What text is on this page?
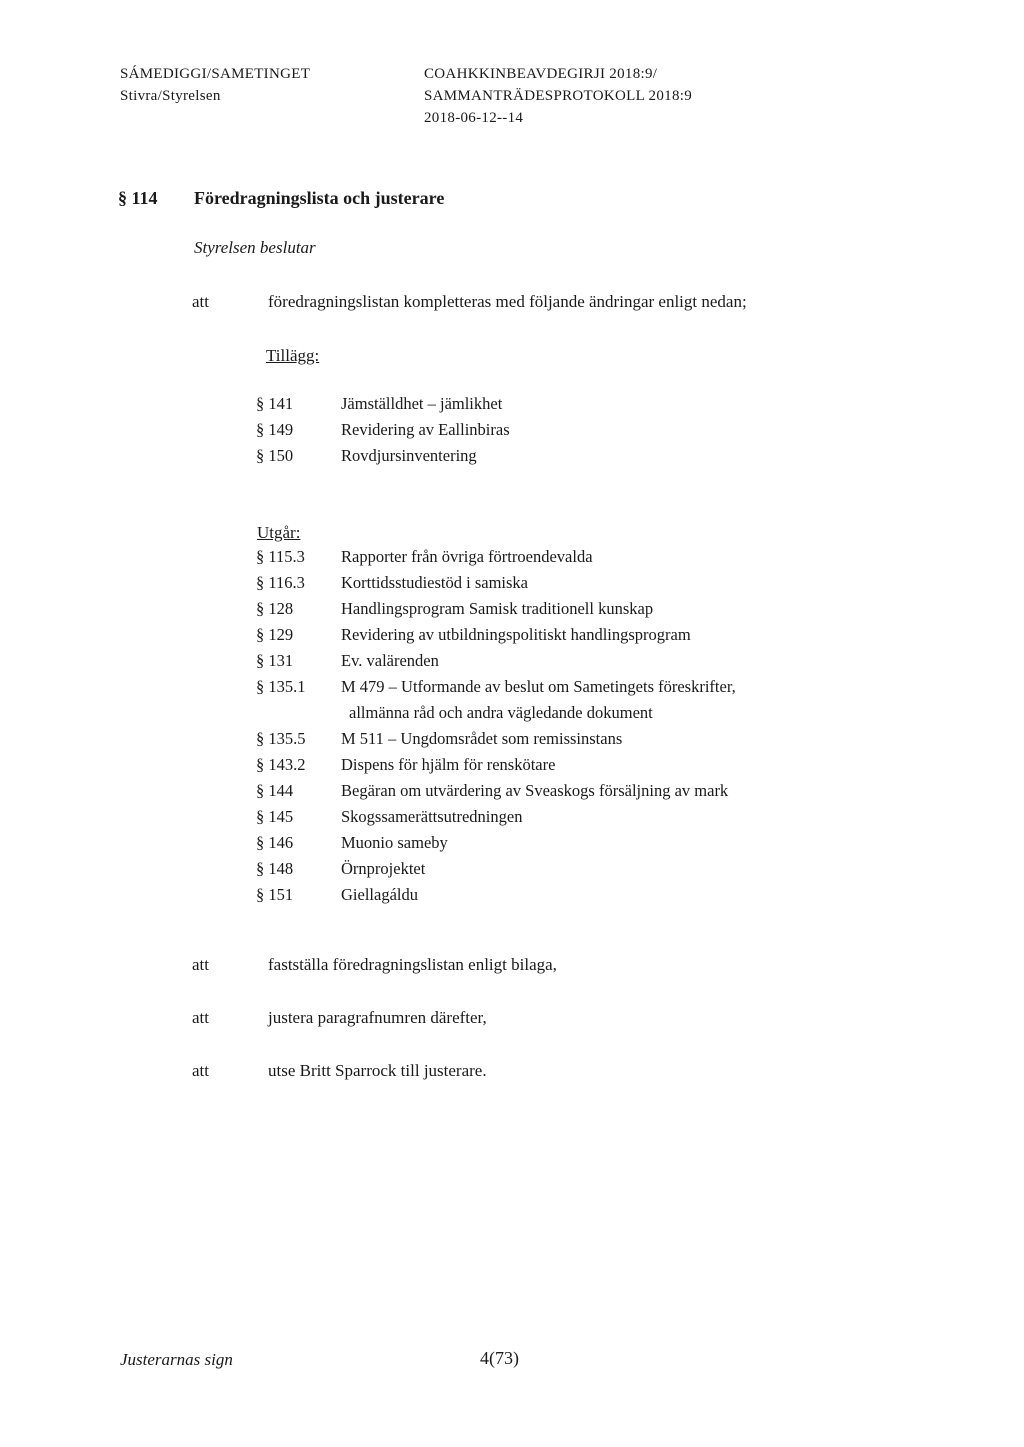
SÁMEDIGGI/SAMETINGET
Stivra/Styrelsen
COAHKKINBEAVDEGIRJI 2018:9/
SAMMANTRÄDESPROTOKOLL 2018:9
2018-06-12--14
§ 114 Föredragningslista och justerare
Styrelsen beslutar
att	föredragningslistan kompletteras med följande ändringar enligt nedan;
Tillägg:
§ 141	Jämställdhet – jämlikhet
§ 149	Revidering av Eallinbiras
§ 150	Rovdjursinventering
Utgår:
§ 115.3 Rapporter från övriga förtroendevalda
§ 116.3 Korttidsstudiestöd i samiska
§ 128	Handlingsprogram Samisk traditionell kunskap
§ 129	Revidering av utbildningspolitiskt handlingsprogram
§ 131	Ev. valärenden
§ 135.1 M 479 – Utformande av beslut om Sametingets föreskrifter,
allmänna råd och andra vägledande dokument
§ 135.5 M 511 – Ungdomsrådet som remissinstans
§ 143.2 Dispens för hjälm för renskötare
§ 144	Begäran om utvärdering av Sveaskogs försäljning av mark
§ 145	Skogssamerättsutredningen
§ 146	Muonio sameby
§ 148	Örnprojektet
§ 151	Giellagáldu
att	fastställa föredragningslistan enligt bilaga,
att	justera paragrafnumren därefter,
att	utse Britt Sparrock till justerare.
Justerarnas sign	4(73)
